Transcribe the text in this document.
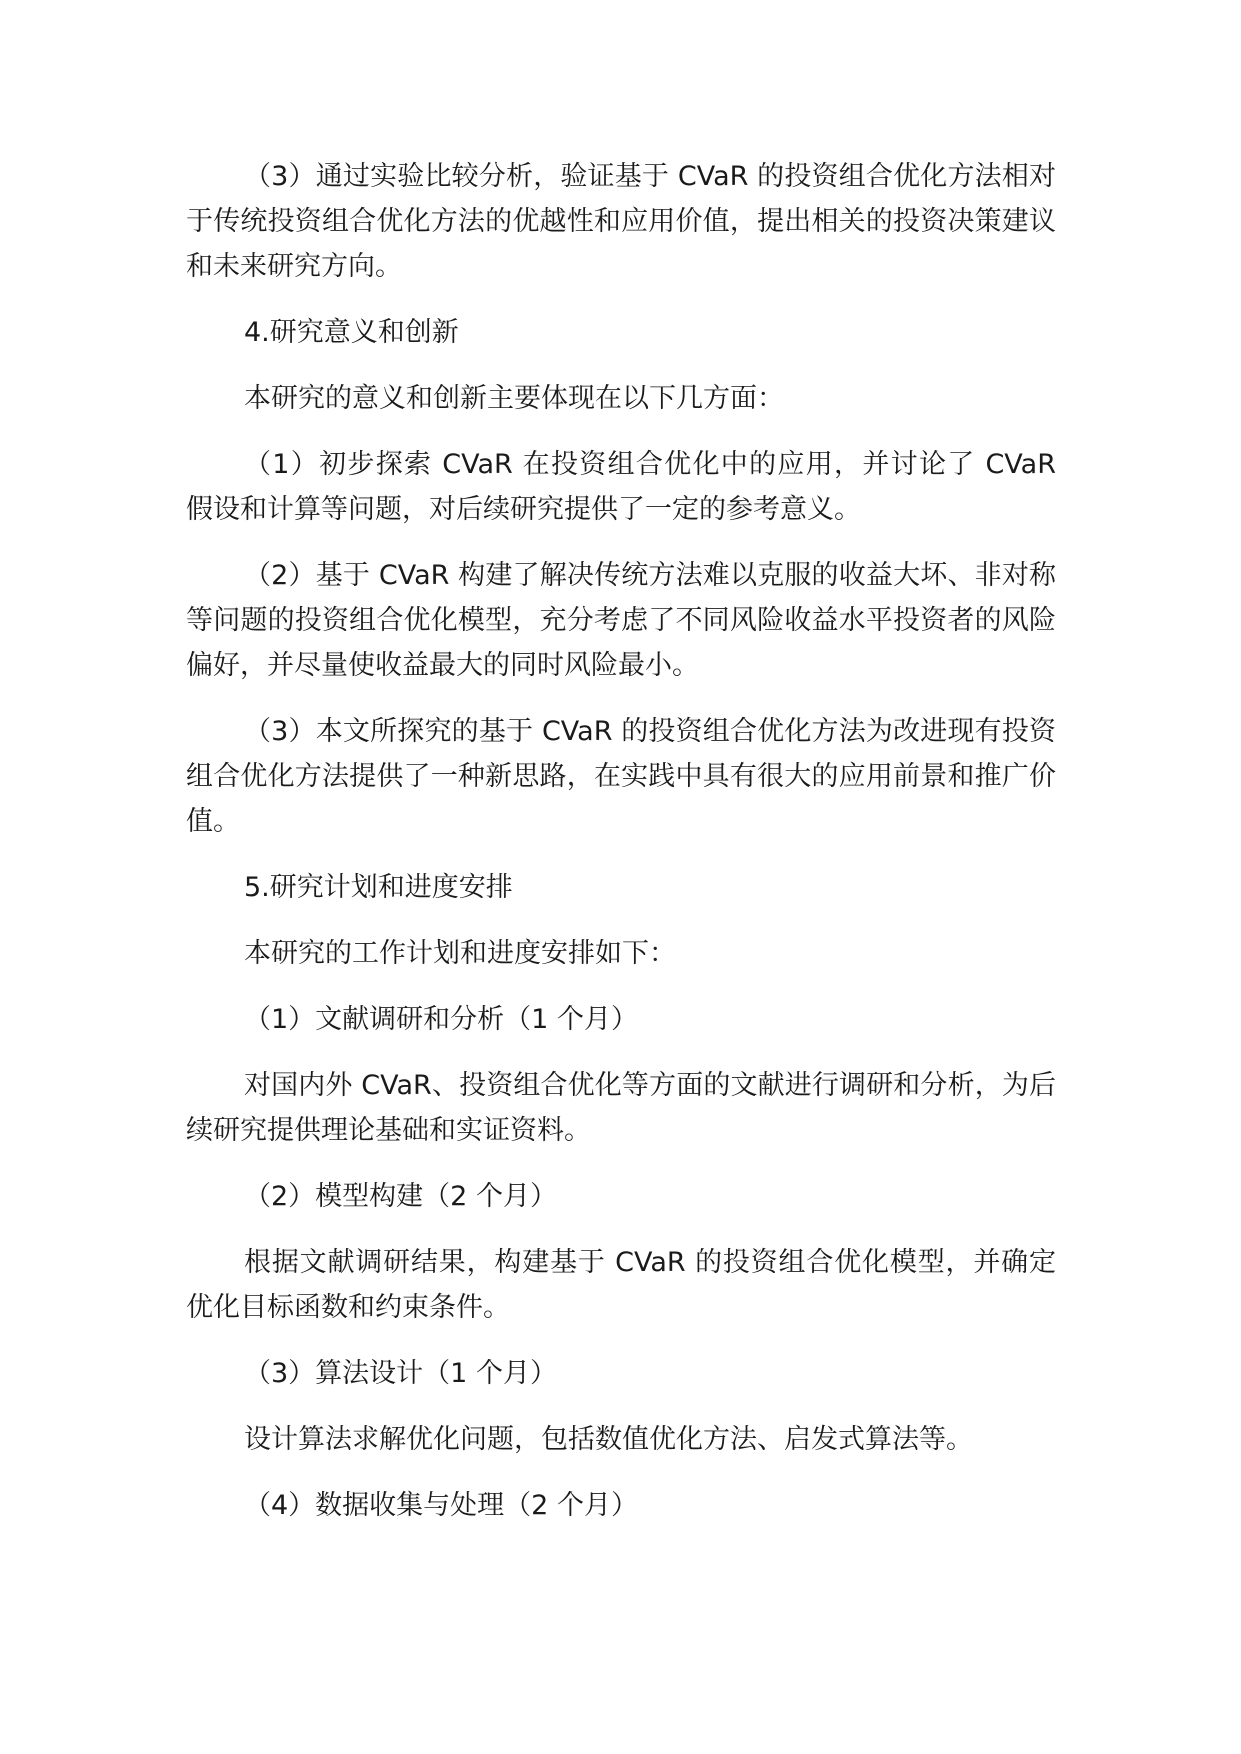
（3）通过实验比较分析，验证基于 CVaR 的投资组合优化方法相对于传统投资组合优化方法的优越性和应用价值，提出相关的投资决策建议和未来研究方向。

4.研究意义和创新

本研究的意义和创新主要体现在以下几方面：

（1）初步探索 CVaR 在投资组合优化中的应用，并讨论了 CVaR 假设和计算等问题，对后续研究提供了一定的参考意义。

（2）基于 CVaR 构建了解决传统方法难以克服的收益大坏、非对称等问题的投资组合优化模型，充分考虑了不同风险收益水平投资者的风险偏好，并尽量使收益最大的同时风险最小。

（3）本文所探究的基于 CVaR 的投资组合优化方法为改进现有投资组合优化方法提供了一种新思路，在实践中具有很大的应用前景和推广价值。

5.研究计划和进度安排

本研究的工作计划和进度安排如下：

（1）文献调研和分析（1 个月）

对国内外 CVaR、投资组合优化等方面的文献进行调研和分析，为后续研究提供理论基础和实证资料。

（2）模型构建（2 个月）

根据文献调研结果，构建基于 CVaR 的投资组合优化模型，并确定优化目标函数和约束条件。

（3）算法设计（1 个月）

设计算法求解优化问题，包括数值优化方法、启发式算法等。

（4）数据收集与处理（2 个月）
